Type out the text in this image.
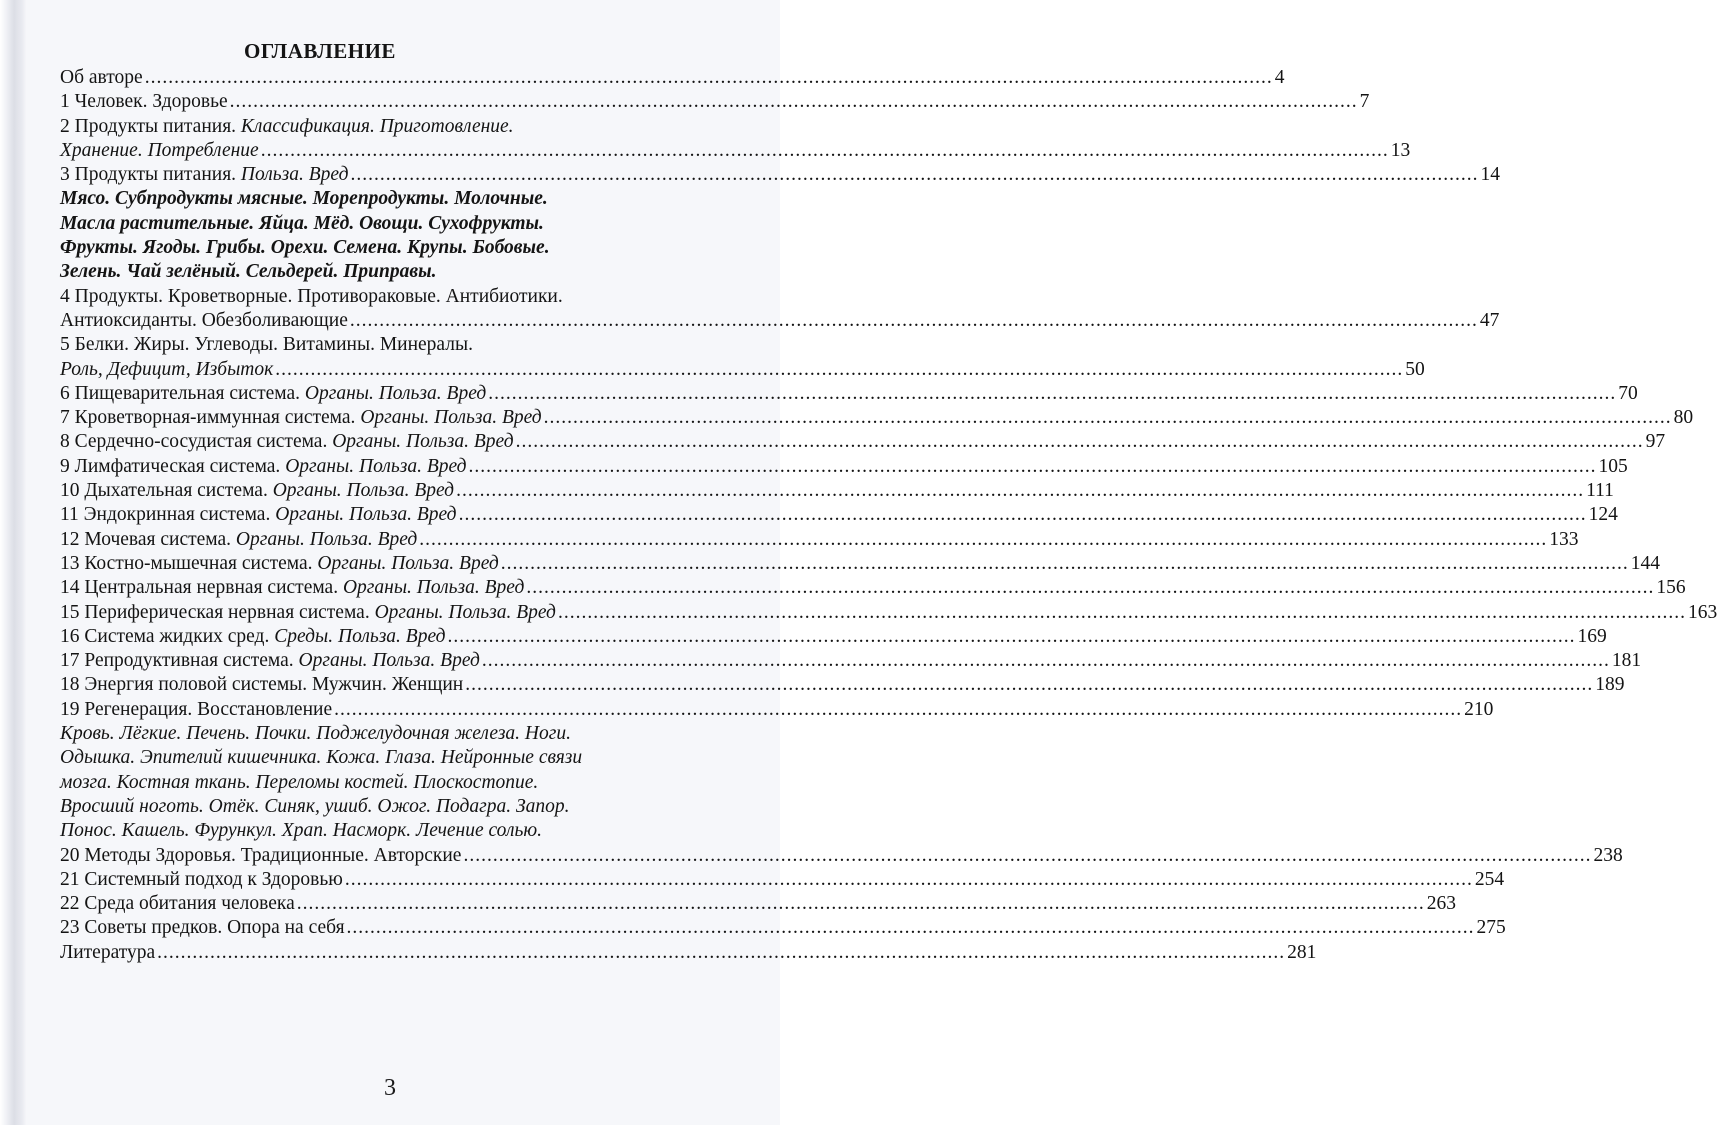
ОГЛАВЛЕНИЕ
Об авторе .....	4
1 Человек. Здоровье .....	7
2 Продукты питания. Классификация. Приготовление.
Хранение. Потребление .....	13
3 Продукты питания. Польза. Вред .....	14
Мясо. Субпродукты мясные. Морепродукты. Молочные.
Масла растительные. Яйца. Мёд. Овощи. Сухофрукты.
Фрукты. Ягоды. Грибы. Орехи. Семена. Крупы. Бобовые.
Зелень. Чай зелёный. Сельдерей. Приправы.
4 Продукты. Кроветворные. Противораковые. Антибиотики.
Антиоксиданты. Обезболивающие .....	47
5 Белки. Жиры. Углеводы. Витамины. Минералы.
Роль, Дефицит, Избыток .....	50
6 Пищеварительная система. Органы. Польза. Вред .....	70
7 Кроветворная-иммунная система. Органы. Польза. Вред .....	80
8 Сердечно-сосудистая система. Органы. Польза. Вред .....	97
9 Лимфатическая система. Органы. Польза. Вред .....	105
10 Дыхательная система. Органы. Польза. Вред .....	111
11 Эндокринная система. Органы. Польза. Вред .....	124
12 Мочевая система. Органы. Польза. Вред .....	133
13 Костно-мышечная система. Органы. Польза. Вред .....	144
14 Центральная нервная система. Органы. Польза. Вред .....	156
15 Периферическая нервная система. Органы. Польза. Вред .....	163
16 Система жидких сред. Среды. Польза. Вред .....	169
17 Репродуктивная система. Органы. Польза. Вред .....	181
18 Энергия половой системы. Мужчин. Женщин .....	189
19 Регенерация. Восстановление .....	210
Кровь. Лёгкие. Печень. Почки. Поджелудочная железа. Ноги.
Одышка. Эпителий кишечника. Кожа. Глаза. Нейронные связи
мозга. Костная ткань. Переломы костей. Плоскостопие.
Вросший ноготь. Отёк. Синяк, ушиб. Ожог. Подагра. Запор.
Понос. Кашель. Фурункул. Храп. Насморк. Лечение солью.
20 Методы Здоровья. Традиционные. Авторские .....	238
21 Системный подход к Здоровью .....	254
22 Среда обитания человека .....	263
23 Советы предков. Опора на себя .....	275
Литература .....	281
3
